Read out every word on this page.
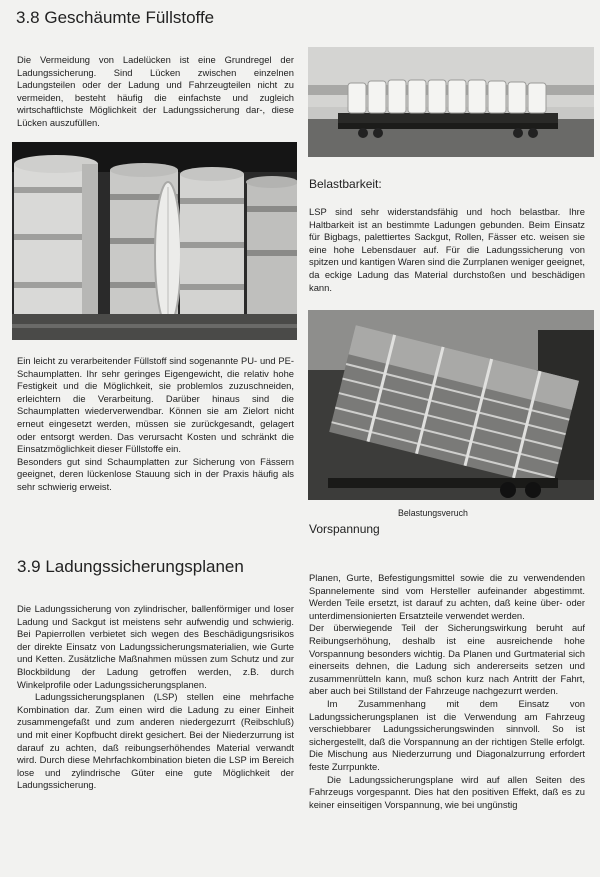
3.8 Geschäumte Füllstoffe

Die Vermeidung von Ladelücken ist eine Grundregel der Ladungssicherung. Sind Lücken zwischen einzelnen Ladungsteilen oder der Ladung und Fahrzeugteilen nicht zu vermeiden, besteht häufig die einfachste und zugleich wirtschaftlichste Möglichkeit der Ladungssicherung dar-, diese Lücken auszufüllen.

Ein leicht zu verarbeitender Füllstoff sind sogenannte PU- und PE-Schaumplatten. Ihr sehr geringes Eigengewicht, die relativ hohe Festigkeit und die Möglichkeit, sie problemlos zuzuschneiden, erleichtern die Verarbeitung. Darüber hinaus sind die Schaumplatten wiederverwendbar. Können sie am Zielort nicht erneut eingesetzt werden, müssen sie zurückgesandt, gelagert oder entsorgt werden. Das verursacht Kosten und schränkt die Einsatzmöglichkeit dieser Füllstoffe ein.

Besonders gut sind Schaumplatten zur Sicherung von Fässern geeignet, deren lückenlose Stauung sich in der Praxis häufig als sehr schwierig erweist.

Belastbarkeit:

LSP sind sehr widerstandsfähig und hoch belastbar. Ihre Haltbarkeit ist an bestimmte Ladungen gebunden. Beim Einsatz für Bigbags, palettiertes Sackgut, Rollen, Fässer etc. weisen sie eine hohe Lebensdauer auf. Für die Ladungssicherung von spitzen und kantigen Waren sind die Zurrplanen weniger geeignet, da eckige Ladung das Material durchstoßen und beschädigen kann.

Belastungsveruch
Vorspannung
3.9 Ladungssicherungsplanen

Die Ladungssicherung von zylindrischer, ballenförmiger und loser Ladung und Sackgut ist meistens sehr aufwendig und schwierig. Bei Papierrollen verbietet sich wegen des Beschädigungsrisikos der direkte Einsatz von Ladungssicherungsmaterialien, wie Gurte und Ketten. Zusätzliche Maßnahmen müssen zum Schutz und zur Blockbildung der Ladung getroffen werden, z.B. durch Winkelprofile oder Ladungssicherungsplanen.

Ladungssicherungsplanen (LSP) stellen eine mehrfache Kombination dar. Zum einen wird die Ladung zu einer Einheit zusammengefaßt und zum anderen niedergezurrt (Reibschluß) und mit einer Kopfbucht direkt gesichert. Bei der Niederzurrung ist darauf zu achten, daß reibungserhöhendes Material verwandt wird. Durch diese Mehrfachkombination bieten die LSP im Bereich lose und zylindrische Güter eine gute Möglichkeit der Ladungssicherung.

Planen, Gurte, Befestigungsmittel sowie die zu verwendenden Spannelemente sind vom Hersteller aufeinander abgestimmt. Werden Teile ersetzt, ist darauf zu achten, daß keine über- oder unterdimensionierten Ersatzteile verwendet werden.

Der überwiegende Teil der Sicherungswirkung beruht auf Reibungserhöhung, deshalb ist eine ausreichende hohe Vorspannung besonders wichtig. Da Planen und Gurtmaterial sich einerseits dehnen, die Ladung sich andererseits setzen und zusammenrütteln kann, muß schon kurz nach Antritt der Fahrt, aber auch bei Stillstand der Fahrzeuge nachgezurrt werden.

Im Zusammenhang mit dem Einsatz von Ladungssicherungsplanen ist die Verwendung am Fahrzeug verschiebbarer Ladungssicherungswinden sinnvoll. So ist sichergestellt, daß die Vorspannung an der richtigen Stelle erfolgt. Die Mischung aus Niederzurrung und Diagonalzurrung erfordert feste Zurrpunkte.

Die Ladungssicherungsplane wird auf allen Seiten des Fahrzeugs vorgespannt. Dies hat den positiven Effekt, daß es zu keiner einseitigen Vorspannung, wie bei ungünstig
